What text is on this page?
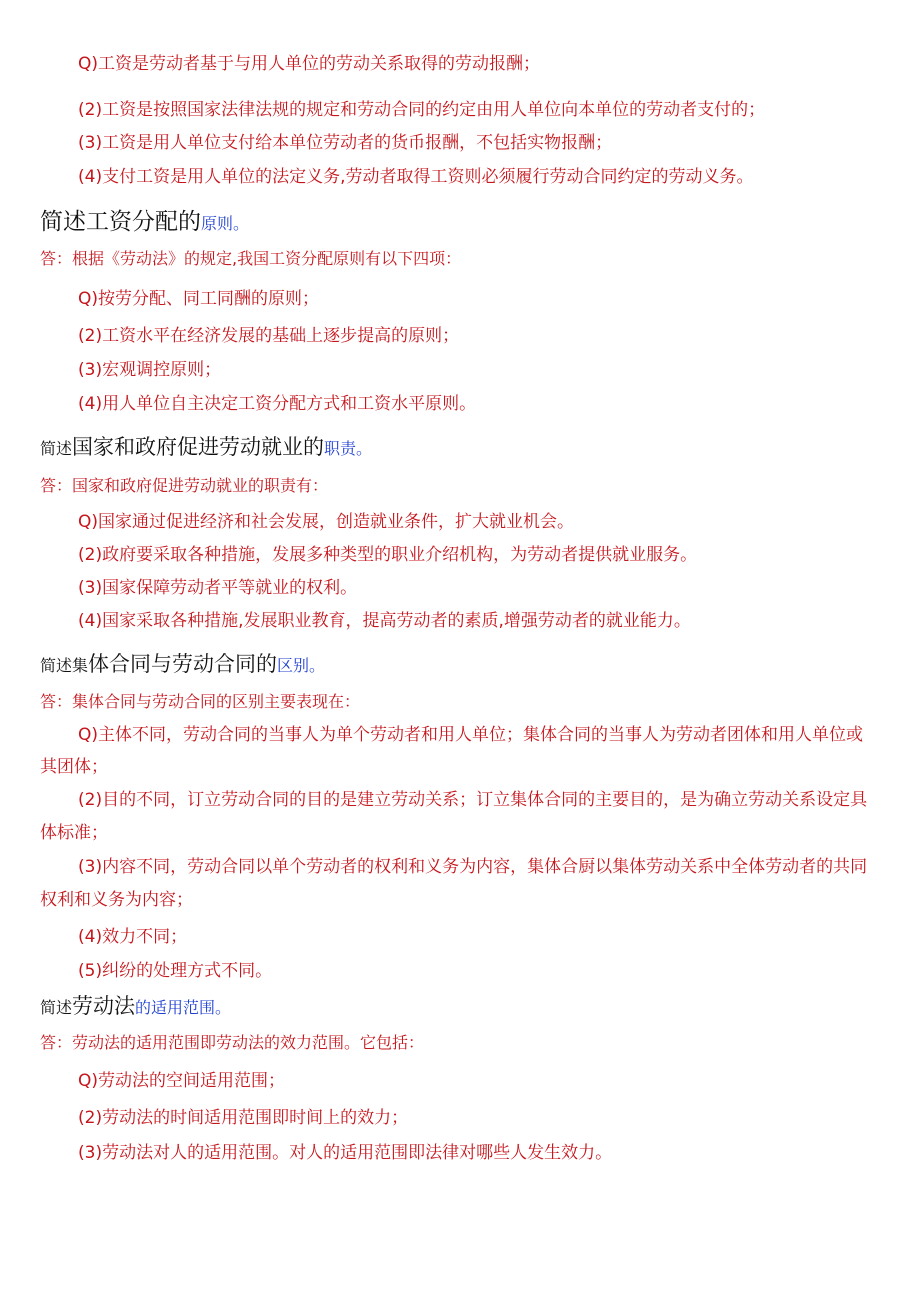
Q)工资是劳动者基于与用人单位的劳动关系取得的劳动报酬；
(2)工资是按照国家法律法规的规定和劳动合同的约定由用人单位向本单位的劳动者支付的；
(3)工资是用人单位支付给本单位劳动者的货币报酬，不包括实物报酬；
(4)支付工资是用人单位的法定义务,劳动者取得工资则必须履行劳动合同约定的劳动义务。
简述工资分配的原则。
答：根据《劳动法》的规定,我国工资分配原则有以下四项：
Q)按劳分配、同工同酬的原则；
(2)工资水平在经济发展的基础上逐步提高的原则；
(3)宏观调控原则；
(4)用人单位自主决定工资分配方式和工资水平原则。
简述国家和政府促进劳动就业的职责。
答：国家和政府促进劳动就业的职责有：
Q)国家通过促进经济和社会发展，创造就业条件，扩大就业机会。
(2)政府要采取各种措施，发展多种类型的职业介绍机构，为劳动者提供就业服务。
(3)国家保障劳动者平等就业的权利。
(4)国家采取各种措施,发展职业教育，提高劳动者的素质,增强劳动者的就业能力。
简述集体合同与劳动合同的区别。
答：集体合同与劳动合同的区别主要表现在：
Q)主体不同，劳动合同的当事人为单个劳动者和用人单位；集体合同的当事人为劳动者团体和用人单位或
其团体；
(2)目的不同，订立劳动合同的目的是建立劳动关系；订立集体合同的主要目的，是为确立劳动关系设定具
体标准；
(3)内容不同，劳动合同以单个劳动者的权利和义务为内容，集体合厨以集体劳动关系中全体劳动者的共同
权利和义务为内容；
(4)效力不同；
(5)纠纷的处理方式不同。
简述劳动法的适用范围。
答：劳动法的适用范围即劳动法的效力范围。它包括：
Q)劳动法的空间适用范围；
(2)劳动法的时间适用范围即时间上的效力；
(3)劳动法对人的适用范围。对人的适用范围即法律对哪些人发生效力。
